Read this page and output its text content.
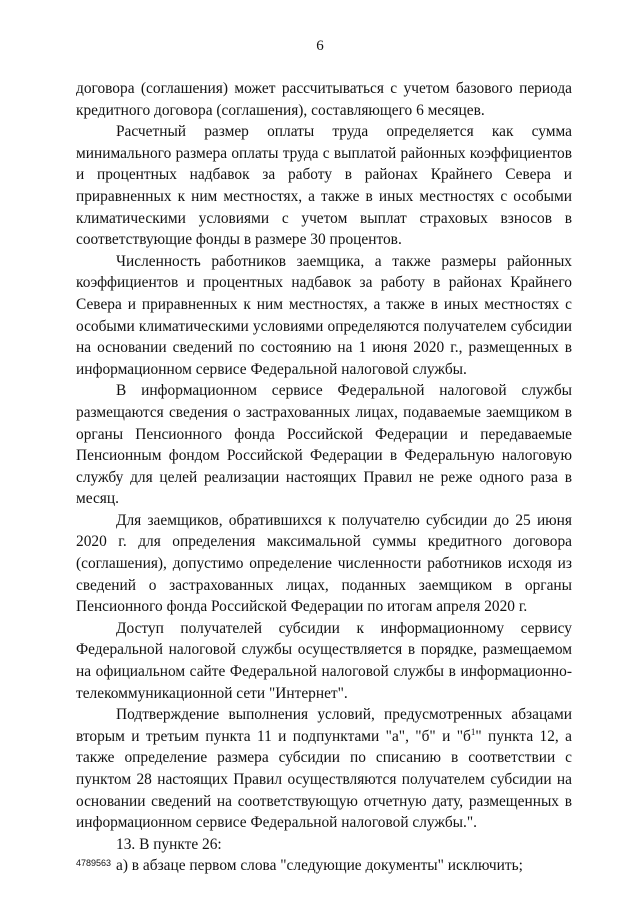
6

договора (соглашения) может рассчитываться с учетом базового периода кредитного договора (соглашения), составляющего 6 месяцев.

Расчетный размер оплаты труда определяется как сумма минимального размера оплаты труда с выплатой районных коэффициентов и процентных надбавок за работу в районах Крайнего Севера и приравненных к ним местностях, а также в иных местностях с особыми климатическими условиями с учетом выплат страховых взносов в соответствующие фонды в размере 30 процентов.

Численность работников заемщика, а также размеры районных коэффициентов и процентных надбавок за работу в районах Крайнего Севера и приравненных к ним местностях, а также в иных местностях с особыми климатическими условиями определяются получателем субсидии на основании сведений по состоянию на 1 июня 2020 г., размещенных в информационном сервисе Федеральной налоговой службы.

В информационном сервисе Федеральной налоговой службы размещаются сведения о застрахованных лицах, подаваемые заемщиком в органы Пенсионного фонда Российской Федерации и передаваемые Пенсионным фондом Российской Федерации в Федеральную налоговую службу для целей реализации настоящих Правил не реже одного раза в месяц.

Для заемщиков, обратившихся к получателю субсидии до 25 июня 2020 г. для определения максимальной суммы кредитного договора (соглашения), допустимо определение численности работников исходя из сведений о застрахованных лицах, поданных заемщиком в органы Пенсионного фонда Российской Федерации по итогам апреля 2020 г.

Доступ получателей субсидии к информационному сервису Федеральной налоговой службы осуществляется в порядке, размещаемом на официальном сайте Федеральной налоговой службы в информационно-телекоммуникационной сети "Интернет".

Подтверждение выполнения условий, предусмотренных абзацами вторым и третьим пункта 11 и подпунктами "а", "б" и "$б^1$" пункта 12, а также определение размера субсидии по списанию в соответствии с пунктом 28 настоящих Правил осуществляются получателем субсидии на основании сведений на соответствующую отчетную дату, размещенных в информационном сервисе Федеральной налоговой службы.".

13. В пункте 26:

а) в абзаце первом слова "следующие документы" исключить;

4789563
